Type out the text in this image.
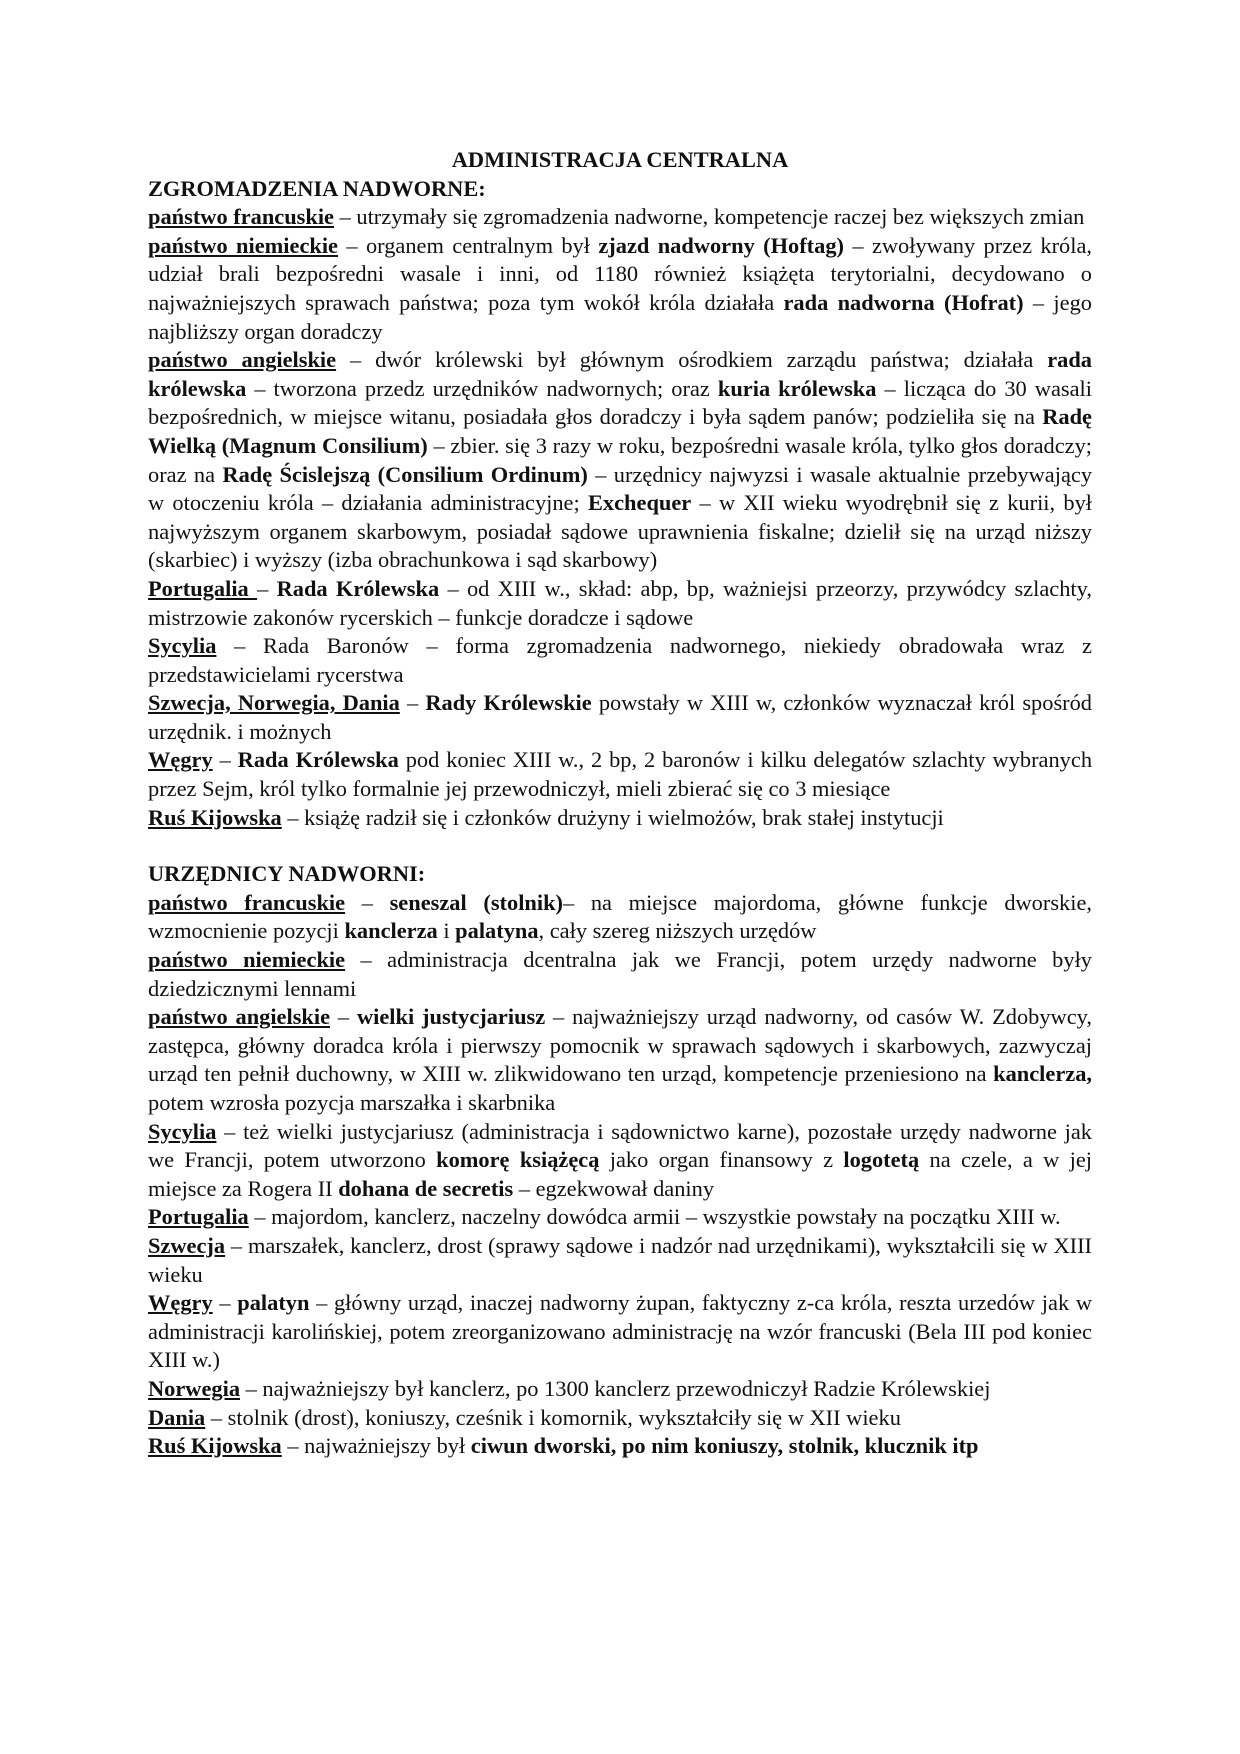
ADMINISTRACJA CENTRALNA
ZGROMADZENIA NADWORNE:

państwo francuskie – utrzymały się zgromadzenia nadworne, kompetencje raczej bez większych zmian

państwo niemieckie – organem centralnym był zjazd nadworny (Hoftag) – zwoływany przez króla, udział brali bezpośredni wasale i inni, od 1180 również książęta terytorialni, decydowano o najważniejszych sprawach państwa; poza tym wokół króla działała rada nadworna (Hofrat) – jego najbliższy organ doradczy

państwo angielskie – dwór królewski był głównym ośrodkiem zarządu państwa; działała rada królewska – tworzona przedz urzędników nadwornych; oraz kuria królewska – licząca do 30 wasali bezpośrednich, w miejsce witanu, posiadała głos doradczy i była sądem panów; podzieliła się na Radę Wielką (Magnum Consilium) – zbier. się 3 razy w roku, bezpośredni wasale króla, tylko głos doradczy; oraz na Radę Ścislejszą (Consilium Ordinum) – urzędnicy najwyzsi i wasale aktualnie przebywający w otoczeniu króla – działania administracyjne; Exchequer – w XII wieku wyodrębnił się z kurii, był najwyższym organem skarbowym, posiadał sądowe uprawnienia fiskalne; dzielił się na urząd niższy (skarbiec) i wyższy (izba obrachunkowa i sąd skarbowy)

Portugalia – Rada Królewska – od XIII w., skład: abp, bp, ważniejsi przeorzy, przywódcy szlachty, mistrzowie zakonów rycerskich – funkcje doradcze i sądowe

Sycylia – Rada Baronów – forma zgromadzenia nadwornego, niekiedy obradowała wraz z przedstawicielami rycerstwa

Szwecja, Norwegia, Dania – Rady Królewskie powstały w XIII w, członków wyznaczał król spośród urzędnik. i możnych

Węgry – Rada Królewska pod koniec XIII w., 2 bp, 2 baronów i kilku delegatów szlachty wybranych przez Sejm, król tylko formalnie jej przewodniczył, mieli zbierać się co 3 miesiące

Ruś Kijowska – książę radził się i członków drużyny i wielmożów, brak stałej instytucji

URZĘDNICY NADWORNI:

państwo francuskie – seneszal (stolnik)– na miejsce majordoma, główne funkcje dworskie, wzmocnienie pozycji kanclerza i palatyna, cały szereg niższych urzędów

państwo niemieckie – administracja dcentralna jak we Francji, potem urzędy nadworne były dziedzicznymi lennami

państwo angielskie – wielki justycjariusz – najważniejszy urząd nadworny, od casów W. Zdobywcy, zastępca, główny doradca króla i pierwszy pomocnik w sprawach sądowych i skarbowych, zazwyczaj urząd ten pełnił duchowny, w XIII w. zlikwidowano ten urząd, kompetencje przeniesiono na kanclerza, potem wzrosła pozycja marszałka i skarbnika

Sycylia – też wielki justycjariusz (administracja i sądownictwo karne), pozostałe urzędy nadworne jak we Francji, potem utworzono komorę książęcą jako organ finansowy z logotetą na czele, a w jej miejsce za Rogera II dohana de secretis – egzekwował daniny

Portugalia – majordom, kanclerz, naczelny dowódca armii – wszystkie powstały na początku XIII w.

Szwecja – marszałek, kanclerz, drost (sprawy sądowe i nadzór nad urzędnikami), wykształcili się w XIII wieku

Węgry – palatyn – główny urząd, inaczej nadworny żupan, faktyczny z-ca króla, reszta urzedów jak w administracji karolińskiej, potem zreorganizowano administrację na wzór francuski (Bela III pod koniec XIII w.)

Norwegia – najważniejszy był kanclerz, po 1300 kanclerz przewodniczył Radzie Królewskiej

Dania – stolnik (drost), koniuszy, cześnik i komornik, wykształciły się w XII wieku

Ruś Kijowska – najważniejszy był ciwun dworski, po nim koniuszy, stolnik, klucznik itp
